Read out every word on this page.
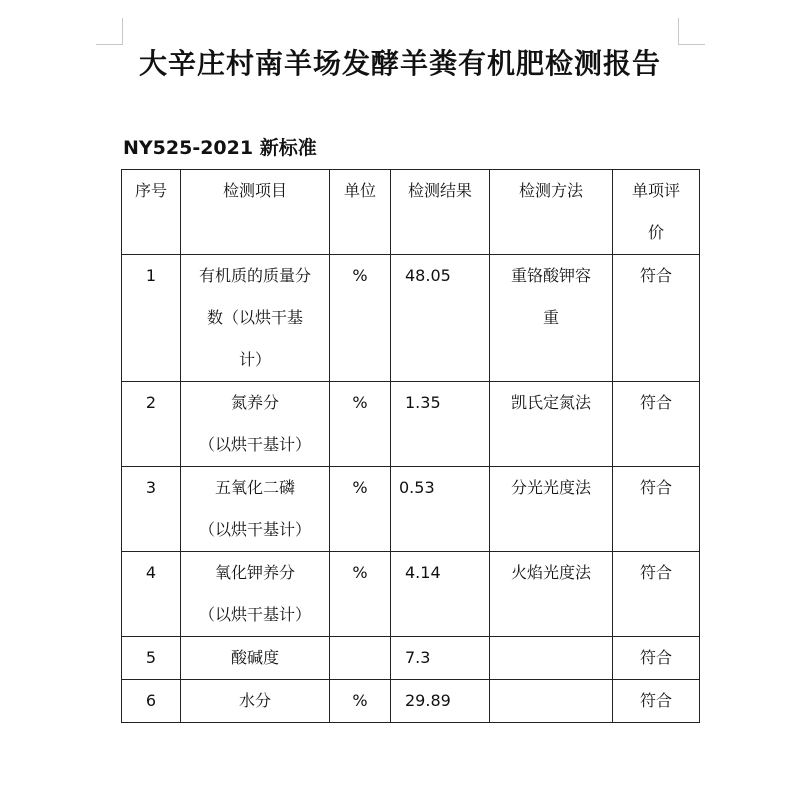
大辛庄村南羊场发酵羊粪有机肥检测报告
NY525-2021 新标准
序号	检测项目	单位	检测结果	检测方法	单项评
价

1	有机质的质量分
数（以烘干基
计）	%	48.05	重铬酸钾容
重	符合
2	氮养分
（以烘干基计）	%	1.35	凯氏定氮法	符合
3	五氧化二磷
（以烘干基计）	%	0.53	分光光度法	符合
4	氧化钾养分
（以烘干基计）	%	4.14	火焰光度法	符合
5	酸碱度		7.3		符合
6	水分	%	29.89		符合
